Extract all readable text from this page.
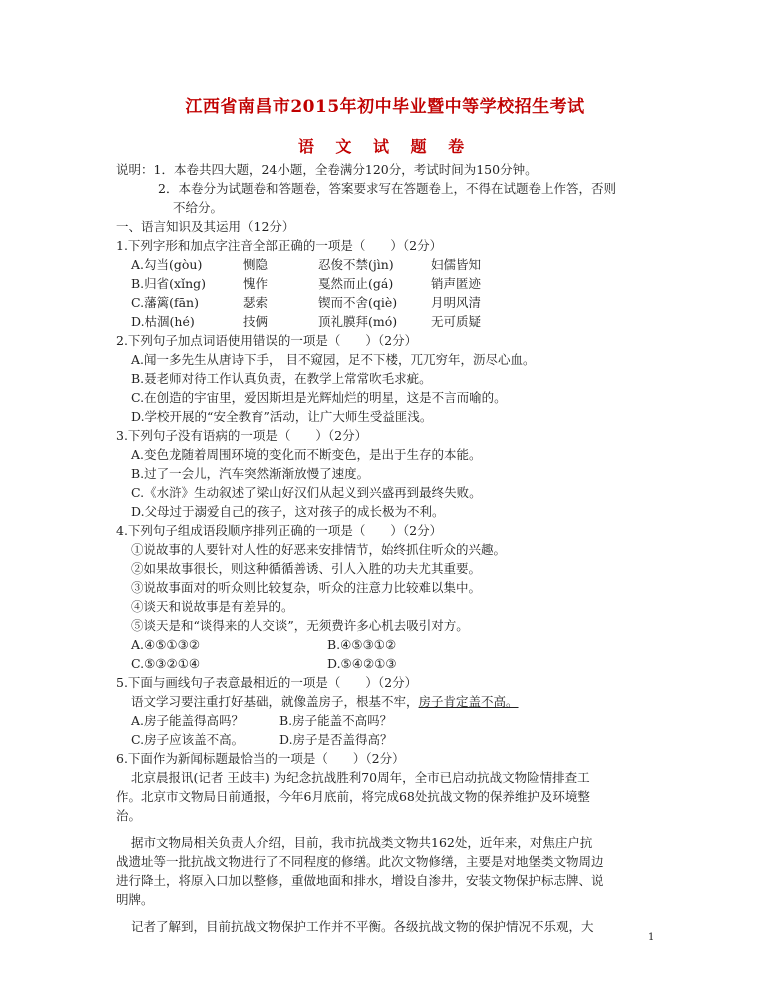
江西省南昌市2015年初中毕业暨中等学校招生考试
语 文 试 题 卷
说明：1．本卷共四大题，24小题，全卷满分120分，考试时间为150分钟。
2．本卷分为试题卷和答题卷，答案要求写在答题卷上，不得在试题卷上作答，否则
不给分。
一、语言知识及其运用（12分）
1.下列字形和加点字注音全部正确的一项是（　　）（2分）
A.勾当(gòu)	恻隐	忍俊不禁(jìn)	妇儒皆知
B.归省(xǐng)	愧作	戛然而止(gá)	销声匿迹
C.藩篱(fān)	瑟索	锲而不舍(qiè)	月明风清
D.枯涸(hé)	技俩	顶礼膜拜(mó)	无可质疑
2.下列句子加点词语使用错误的一项是（　　）（2分）
A.闻一多先生从唐诗下手， 目不窥园，足不下楼，兀兀穷年，沥尽心血。
B.聂老师对待工作认真负责，在教学上常常吹毛求疵。
C.在创造的宇宙里，爱因斯坦是光辉灿烂的明星，这是不言而喻的。
D.学校开展的“安全教育”活动，让广大师生受益匪浅。
3.下列句子没有语病的一项是（　　）（2分）
A.变色龙随着周围环境的变化而不断变色，是出于生存的本能。
B.过了一会儿，汽车突然渐渐放慢了速度。
C.《水浒》生动叙述了梁山好汉们从起义到兴盛再到最终失败。
D.父母过于溺爱自己的孩子，这对孩子的成长极为不利。
4.下列句子组成语段顺序排列正确的一项是（　　）（2分）
①说故事的人要针对人性的好恶来安排情节，始终抓住听众的兴趣。
②如果故事很长，则这种循循善诱、引人入胜的功夫尤其重要。
③说故事面对的听众则比较复杂，听众的注意力比较难以集中。
④谈天和说故事是有差异的。
⑤谈天是和“谈得来的人交谈”，无须费许多心机去吸引对方。
A.④⑤①③②	B.④⑤③①②
C.⑤③②①④	D.⑤④②①③
5.下面与画线句子表意最相近的一项是（　　）（2分）
语文学习要注重打好基础，就像盖房子，根基不牢，房子肯定盖不高。
A.房子能盖得高吗？	B.房子能盖不高吗？
C.房子应该盖不高。	D.房子是否盖得高？
6.下面作为新闻标题最恰当的一项是（　　）（2分）
北京晨报讯(记者 王歧丰) 为纪念抗战胜利70周年，全市已启动抗战文物险情排查工
作。北京市文物局日前通报，今年6月底前，将完成68处抗战文物的保养维护及环境整
治。
据市文物局相关负责人介绍，目前，我市抗战类文物共162处，近年来，对焦庄户抗
战遗址等一批抗战文物进行了不同程度的修缮。此次文物修缮，主要是对地堡类文物周边
进行降土，将原入口加以整修，重做地面和排水，增设自渗井，安装文物保护标志牌、说
明牌。
记者了解到，目前抗战文物保护工作并不平衡。各级抗战文物的保护情况不乐观，大
1
